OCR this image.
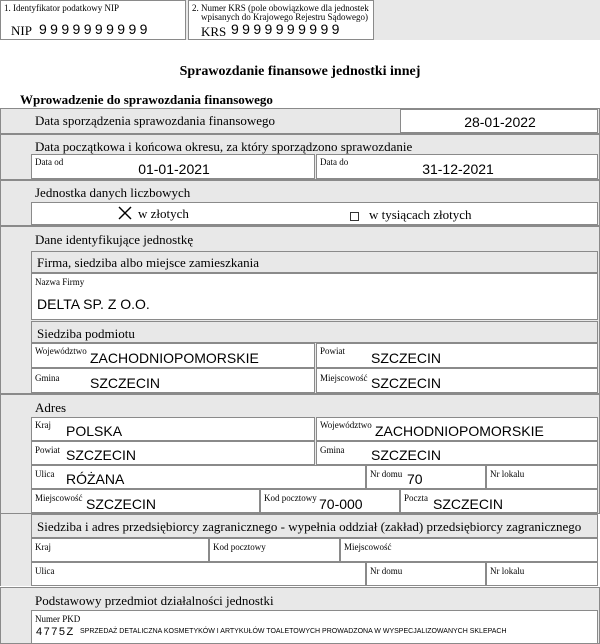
1. Identyfikator podatkowy NIP
NIP 9999999999
2. Numer KRS (pole obowiązkowe dla jednostek
wpisanych do Krajowego Rejestru Sądowego)
KRS 9999999999
Sprawozdanie finansowe jednostki innej
Wprowadzenie do sprawozdania finansowego
Data sporządzenia sprawozdania finansowego	28-01-2022
Data początkowa i końcowa okresu, za który sporządzono sprawozdanie
Data od	01-01-2021	Data do	31-12-2021
Jednostka danych liczbowych
w złotych	w tysiącach złotych
Dane identyfikujące jednostkę
Firma, siedziba albo miejsce zamieszkania
Nazwa Firmy
DELTA SP. Z O.O.
Siedziba podmiotu
Województwo ZACHODNIOPOMORSKIE	Powiat SZCZECIN
Gmina SZCZECIN	Miejscowość SZCZECIN
Adres
Kraj POLSKA	Województwo ZACHODNIOPOMORSKIE
Powiat SZCZECIN	Gmina SZCZECIN
Ulica RÓŻANA	Nr domu 70	Nr lokalu
Miejscowość SZCZECIN	Kod pocztowy 70-000	Poczta SZCZECIN
Siedziba i adres przedsiębiorcy zagranicznego - wypełnia oddział (zakład) przedsiębiorcy zagranicznego
Kraj	Kod pocztowy	Miejscowość
Ulica	Nr domu	Nr lokalu
Podstawowy przedmiot działalności jednostki
Numer PKD
4775Z SPRZEDAŻ DETALICZNA KOSMETYKÓW I ARTYKUŁÓW TOALETOWYCH PROWADZONA W WYSPECJALIZOWANYCH SKLEPACH
